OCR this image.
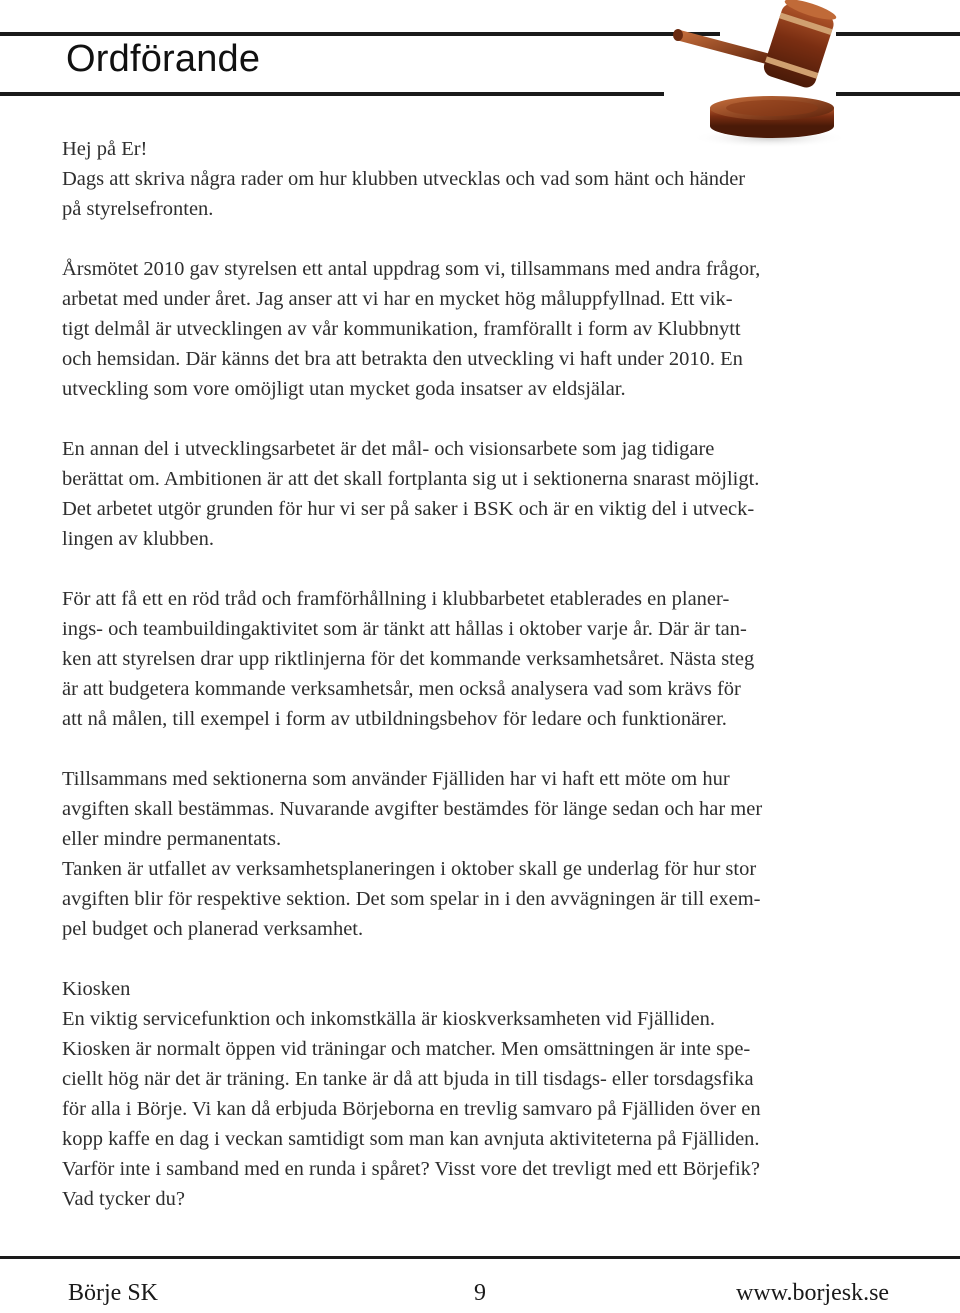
Ordförande

Hej på Er!
Dags att skriva några rader om hur klubben utvecklas och vad som hänt och händer
på styrelsefronten.

Årsmötet 2010 gav styrelsen ett antal uppdrag som vi, tillsammans med andra frågor,
arbetat med under året. Jag anser att vi har en mycket hög måluppfyllnad. Ett vik-
tigt delmål är utvecklingen av vår kommunikation, framförallt i form av Klubbnytt
och hemsidan. Där känns det bra att betrakta den utveckling vi haft under 2010. En
utveckling som vore omöjligt utan mycket goda insatser av eldsjälar.

En annan del i utvecklingsarbetet är det mål- och visionsarbete som jag tidigare
berättat om. Ambitionen är att det skall fortplanta sig ut i sektionerna snarast möjligt.
Det arbetet utgör grunden för hur vi ser på saker i BSK och är en viktig del i utveck-
lingen av klubben.

För att få ett en röd tråd och framförhållning i klubbarbetet etablerades en planer-
ings- och teambuildingaktivitet som är tänkt att hållas i oktober varje år. Där är tan-
ken att styrelsen drar upp riktlinjerna för det kommande verksamhetsåret. Nästa steg
är att budgetera kommande verksamhetsår, men också analysera vad som krävs för
att nå målen, till exempel i form av utbildningsbehov för ledare och funktionärer.

Tillsammans med sektionerna som använder Fjälliden har vi haft ett möte om hur
avgiften skall bestämmas. Nuvarande avgifter bestämdes för länge sedan och har mer
eller mindre permanentats.
Tanken är utfallet av verksamhetsplaneringen i oktober skall ge underlag för hur stor
avgiften blir för respektive sektion. Det som spelar in i den avvägningen är till exem-
pel budget och planerad verksamhet.

Kiosken
En viktig servicefunktion och inkomstkälla är kioskverksamheten vid Fjälliden.
Kiosken är normalt öppen vid träningar och matcher. Men omsättningen är inte spe-
ciellt hög när det är träning. En tanke är då att bjuda in till tisdags- eller torsdagsfika
för alla i Börje. Vi kan då erbjuda Börjeborna en trevlig samvaro på Fjälliden över en
kopp kaffe en dag i veckan samtidigt som man kan avnjuta aktiviteterna på Fjälliden.
Varför inte i samband med en runda i spåret? Visst vore det trevligt med ett Börjefik?
Vad tycker du?

Börje SK	9	www.borjesk.se
